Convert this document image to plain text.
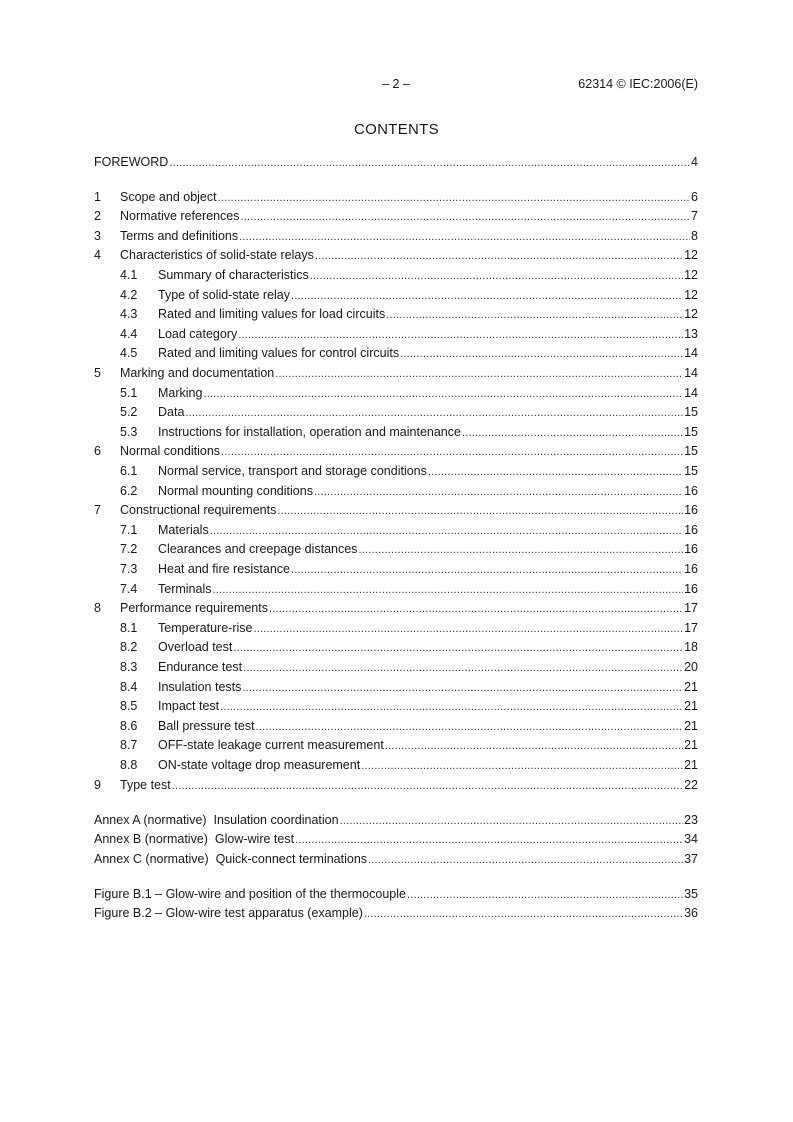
– 2 –	62314 © IEC:2006(E)
CONTENTS
FOREWORD .....	4
1	Scope and object .....	6
2	Normative references .....	7
3	Terms and definitions .....	8
4	Characteristics of solid-state relays .....	12
4.1	Summary of characteristics .....	12
4.2	Type of solid-state relay .....	12
4.3	Rated and limiting values for load circuits .....	12
4.4	Load category .....	13
4.5	Rated and limiting values for control circuits .....	14
5	Marking and documentation .....	14
5.1	Marking .....	14
5.2	Data .....	15
5.3	Instructions for installation, operation and maintenance .....	15
6	Normal conditions .....	15
6.1	Normal service, transport and storage conditions .....	15
6.2	Normal mounting conditions .....	16
7	Constructional requirements .....	16
7.1	Materials .....	16
7.2	Clearances and creepage distances .....	16
7.3	Heat and fire resistance .....	16
7.4	Terminals .....	16
8	Performance requirements .....	17
8.1	Temperature-rise .....	17
8.2	Overload test .....	18
8.3	Endurance test .....	20
8.4	Insulation tests .....	21
8.5	Impact test .....	21
8.6	Ball pressure test .....	21
8.7	OFF-state leakage current measurement .....	21
8.8	ON-state voltage drop measurement .....	21
9	Type test .....	22
Annex A (normative)  Insulation coordination .....	23
Annex B (normative)  Glow-wire test .....	34
Annex C (normative)  Quick-connect terminations .....	37
Figure B.1 – Glow-wire and position of the thermocouple .....	35
Figure B.2 – Glow-wire test apparatus (example) .....	36
